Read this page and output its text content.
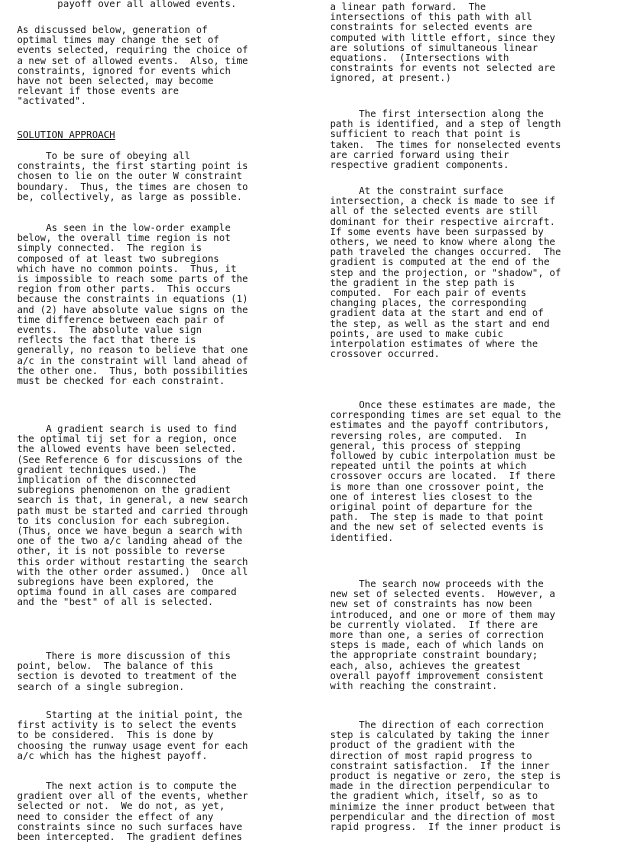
payoff over all allowed events.

As discussed below, generation of
optimal times may change the set of
events selected, requiring the choice of
a new set of allowed events.  Also, time
constraints, ignored for events which
have not been selected, may become
relevant if those events are
"activated".

SOLUTION APPROACH

To be sure of obeying all
constraints, the first starting point is
chosen to lie on the outer W constraint
boundary.  Thus, the times are chosen to
be, collectively, as large as possible.

As seen in the low-order example
below, the overall time region is not
simply connected.  The region is
composed of at least two subregions
which have no common points.  Thus, it
is impossible to reach some parts of the
region from other parts.  This occurs
because the constraints in equations (1)
and (2) have absolute value signs on the
time difference between each pair of
events.  The absolute value sign
reflects the fact that there is
generally, no reason to believe that one
a/c in the constraint will land ahead of
the other one.  Thus, both possibilities
must be checked for each constraint.

A gradient search is used to find
the optimal tij set for a region, once
the allowed events have been selected.
(See Reference 6 for discussions of the
gradient techniques used.)  The
implication of the disconnected
subregions phenomenon on the gradient
search is that, in general, a new search
path must be started and carried through
to its conclusion for each subregion.
(Thus, once we have begun a search with
one of the two a/c landing ahead of the
other, it is not possible to reverse
this order without restarting the search
with the other order assumed.)  Once all
subregions have been explored, the
optima found in all cases are compared
and the "best" of all is selected.

There is more discussion of this
point, below.  The balance of this
section is devoted to treatment of the
search of a single subregion.

Starting at the initial point, the
first activity is to select the events
to be considered.  This is done by
choosing the runway usage event for each
a/c which has the highest payoff.

The next action is to compute the
gradient over all of the events, whether
selected or not.  We do not, as yet,
need to consider the effect of any
constraints since no such surfaces have
been intercepted.  The gradient defines

a linear path forward.  The
intersections of this path with all
constraints for selected events are
computed with little effort, since they
are solutions of simultaneous linear
equations.  (Intersections with
constraints for events not selected are
ignored, at present.)

The first intersection along the
path is identified, and a step of length
sufficient to reach that point is
taken.  The times for nonselected events
are carried forward using their
respective gradient components.

At the constraint surface
intersection, a check is made to see if
all of the selected events are still
dominant for their respective aircraft.
If some events have been surpassed by
others, we need to know where along the
path traveled the changes occurred.  The
gradient is computed at the end of the
step and the projection, or "shadow", of
the gradient in the step path is
computed.  For each pair of events
changing places, the corresponding
gradient data at the start and end of
the step, as well as the start and end
points, are used to make cubic
interpolation estimates of where the
crossover occurred.

Once these estimates are made, the
corresponding times are set equal to the
estimates and the payoff contributors,
reversing roles, are computed.  In
general, this process of stepping
followed by cubic interpolation must be
repeated until the points at which
crossover occurs are located.  If there
is more than one crossover point, the
one of interest lies closest to the
original point of departure for the
path.  The step is made to that point
and the new set of selected events is
identified.

The search now proceeds with the
new set of selected events.  However, a
new set of constraints has now been
introduced, and one or more of them may
be currently violated.  If there are
more than one, a series of correction
steps is made, each of which lands on
the appropriate constraint boundary;
each, also, achieves the greatest
overall payoff improvement consistent
with reaching the constraint.

The direction of each correction
step is calculated by taking the inner
product of the gradient with the
direction of most rapid progress to
constraint satisfaction.  If the inner
product is negative or zero, the step is
made in the direction perpendicular to
the gradient which, itself, so as to
minimize the inner product between that
perpendicular and the direction of most
rapid progress.  If the inner product is
